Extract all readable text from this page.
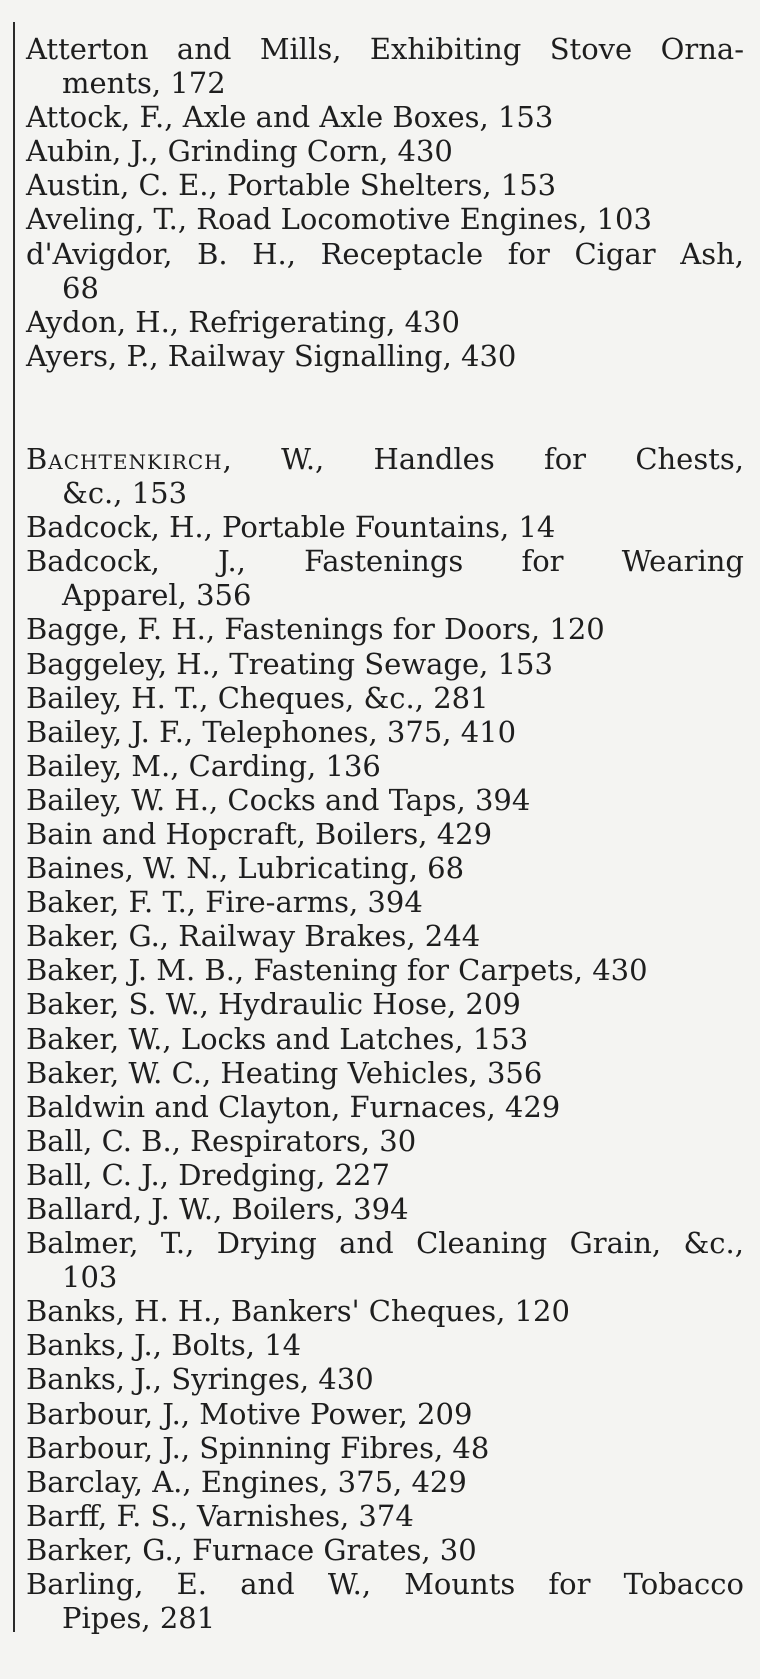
Atterton and Mills, Exhibiting Stove Orna-
ments, 172
Attock, F., Axle and Axle Boxes, 153
Aubin, J., Grinding Corn, 430
Austin, C. E., Portable Shelters, 153
Aveling, T., Road Locomotive Engines, 103
d'Avigdor, B. H., Receptacle for Cigar Ash,
68
Aydon, H., Refrigerating, 430
Ayers, P., Railway Signalling, 430
Bachtenkirch, W., Handles for Chests,
&c., 153
Badcock, H., Portable Fountains, 14
Badcock, J., Fastenings for Wearing
Apparel, 356
Bagge, F. H., Fastenings for Doors, 120
Baggeley, H., Treating Sewage, 153
Bailey, H. T., Cheques, &c., 281
Bailey, J. F., Telephones, 375, 410
Bailey, M., Carding, 136
Bailey, W. H., Cocks and Taps, 394
Bain and Hopcraft, Boilers, 429
Baines, W. N., Lubricating, 68
Baker, F. T., Fire-arms, 394
Baker, G., Railway Brakes, 244
Baker, J. M. B., Fastening for Carpets, 430
Baker, S. W., Hydraulic Hose, 209
Baker, W., Locks and Latches, 153
Baker, W. C., Heating Vehicles, 356
Baldwin and Clayton, Furnaces, 429
Ball, C. B., Respirators, 30
Ball, C. J., Dredging, 227
Ballard, J. W., Boilers, 394
Balmer, T., Drying and Cleaning Grain, &c.,
103
Banks, H. H., Bankers' Cheques, 120
Banks, J., Bolts, 14
Banks, J., Syringes, 430
Barbour, J., Motive Power, 209
Barbour, J., Spinning Fibres, 48
Barclay, A., Engines, 375, 429
Barff, F. S., Varnishes, 374
Barker, G., Furnace Grates, 30
Barling, E. and W., Mounts for Tobacco
Pipes, 281
